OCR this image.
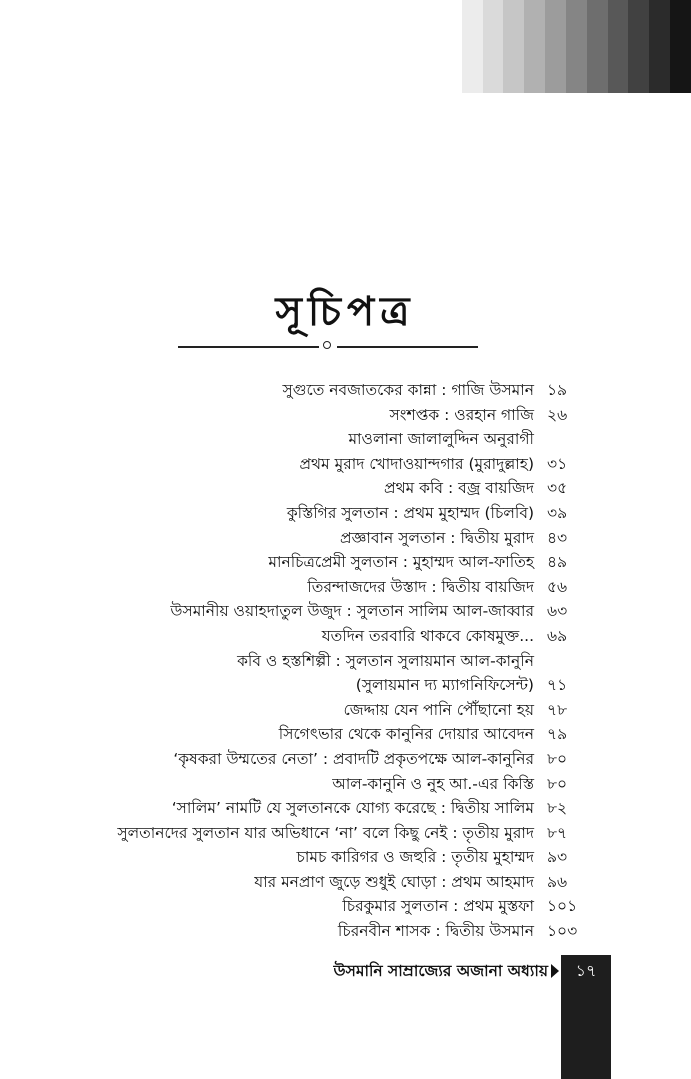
সূচিপত্র
সুগুতে নবজাতকের কান্না : গাজি উসমান ১৯
সংশপ্তক : ওরহান গাজি ২৬
মাওলানা জালালুদ্দিন অনুরাগী
প্রথম মুরাদ খোদাওয়ান্দগার (মুরাদুল্লাহ) ৩১
প্রথম কবি : বজ্র বায়জিদ ৩৫
কুস্তিগির সুলতান : প্রথম মুহাম্মদ (চিলবি) ৩৯
প্রজ্ঞাবান সুলতান : দ্বিতীয় মুরাদ ৪৩
মানচিত্রপ্রেমী সুলতান : মুহাম্মদ আল-ফাতিহ ৪৯
তিরন্দাজদের উস্তাদ : দ্বিতীয় বায়জিদ ৫৬
উসমানীয় ওয়াহদাতুল উজুদ : সুলতান সালিম আল-জাব্বার ৬৩
যতদিন তরবারি থাকবে কোষমুক্ত... ৬৯
কবি ও হস্তশিল্পী : সুলতান সুলায়মান আল-কানুনি
(সুলায়মান দ্য ম্যাগনিফিসেন্ট) ৭১
জেদ্দায় যেন পানি পৌঁছানো হয় ৭৮
সিগেৎভার থেকে কানুনির দোয়ার আবেদন ৭৯
‘কৃষকরা উম্মতের নেতা’ : প্রবাদটি প্রকৃতপক্ষে আল-কানুনির ৮০
আল-কানুনি ও নুহ আ.-এর কিস্তি ৮০
‘সালিম’ নামটি যে সুলতানকে যোগ্য করেছে : দ্বিতীয় সালিম ৮২
সুলতানদের সুলতান যার অভিধানে ‘না’ বলে কিছু নেই : তৃতীয় মুরাদ ৮৭
চামচ কারিগর ও জহুরি : তৃতীয় মুহাম্মদ ৯৩
যার মনপ্রাণ জুড়ে শুধুই ঘোড়া : প্রথম আহমাদ ৯৬
চিরকুমার সুলতান : প্রথম মুস্তফা ১০১
চিরনবীন শাসক : দ্বিতীয় উসমান ১০৩
উসমানি সাম্রাজ্যের অজানা অধ্যায়	১৭
